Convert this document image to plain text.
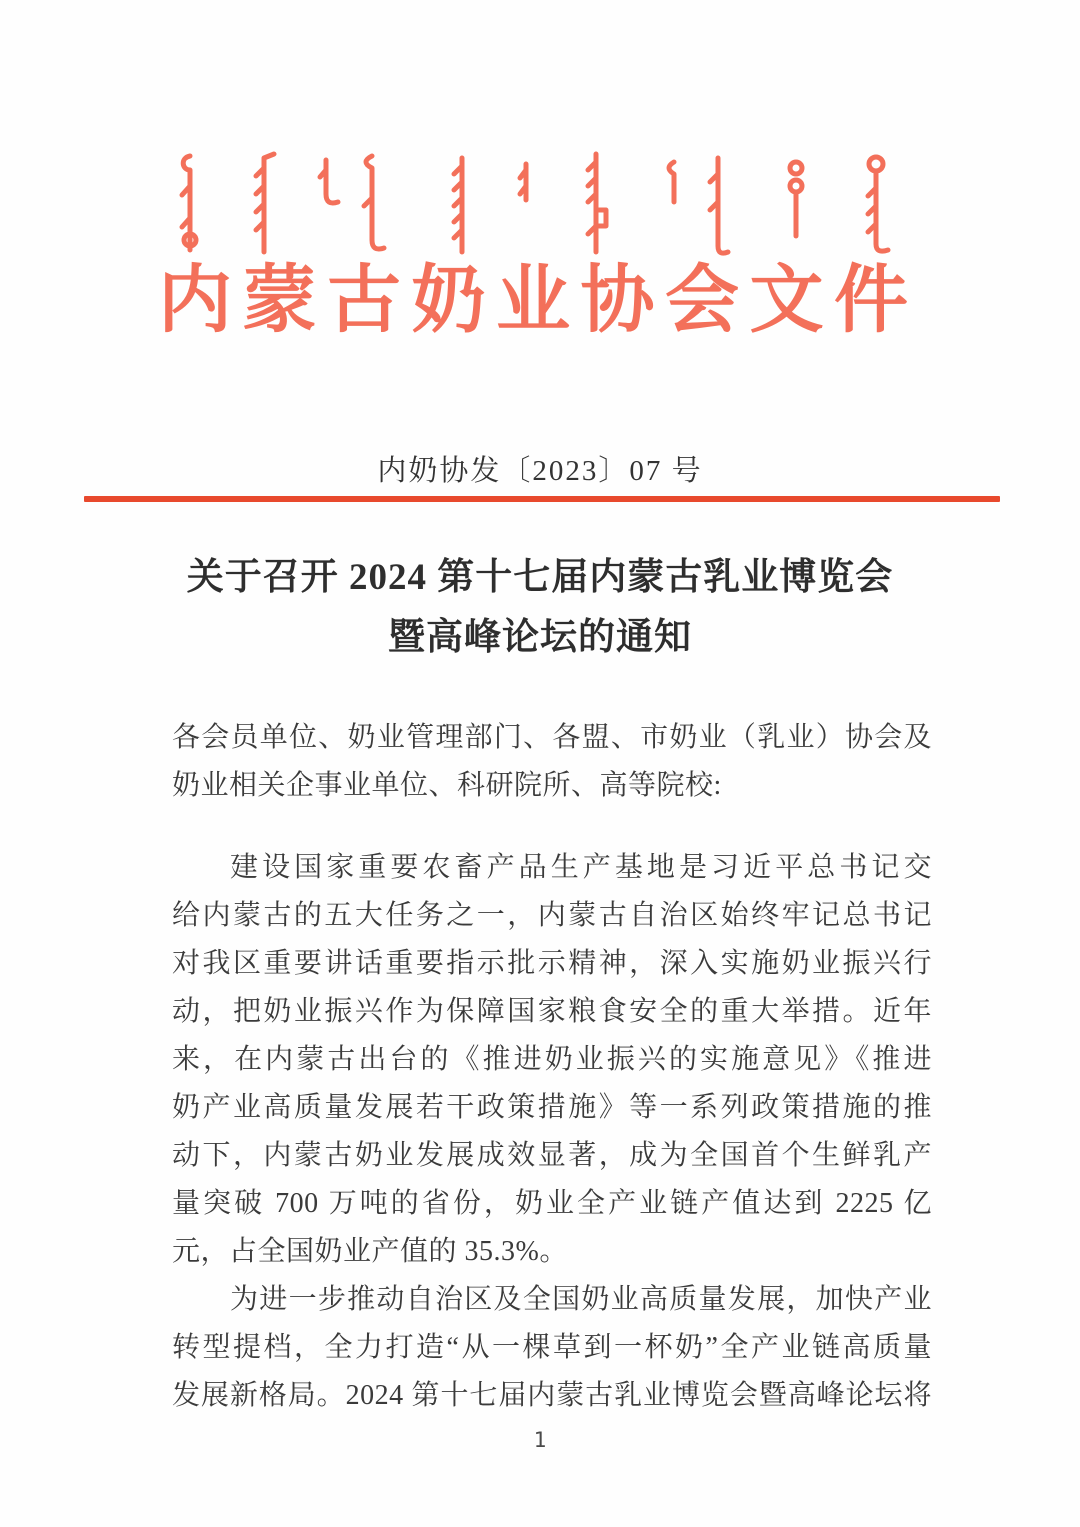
内 蒙 古 奶 业 协 会 文 件
内奶协发〔2023〕07 号
关于召开 2024 第十七届内蒙古乳业博览会
暨高峰论坛的通知
各会员单位、奶业管理部门、各盟、市奶业（乳业）协会及
奶业相关企事业单位、科研院所、高等院校:
建设国家重要农畜产品生产基地是习近平总书记交
给内蒙古的五大任务之一，内蒙古自治区始终牢记总书记
对我区重要讲话重要指示批示精神，深入实施奶业振兴行
动，把奶业振兴作为保障国家粮食安全的重大举措。近年
来，在内蒙古出台的《推进奶业振兴的实施意见》《推进
奶产业高质量发展若干政策措施》等一系列政策措施的推
动下，内蒙古奶业发展成效显著，成为全国首个生鲜乳产
量突破 700 万吨的省份，奶业全产业链产值达到 2225 亿
元，占全国奶业产值的 35.3%。
为进一步推动自治区及全国奶业高质量发展，加快产业
转型提档，全力打造“从一棵草到一杯奶”全产业链高质量
发展新格局。2024 第十七届内蒙古乳业博览会暨高峰论坛将
1
